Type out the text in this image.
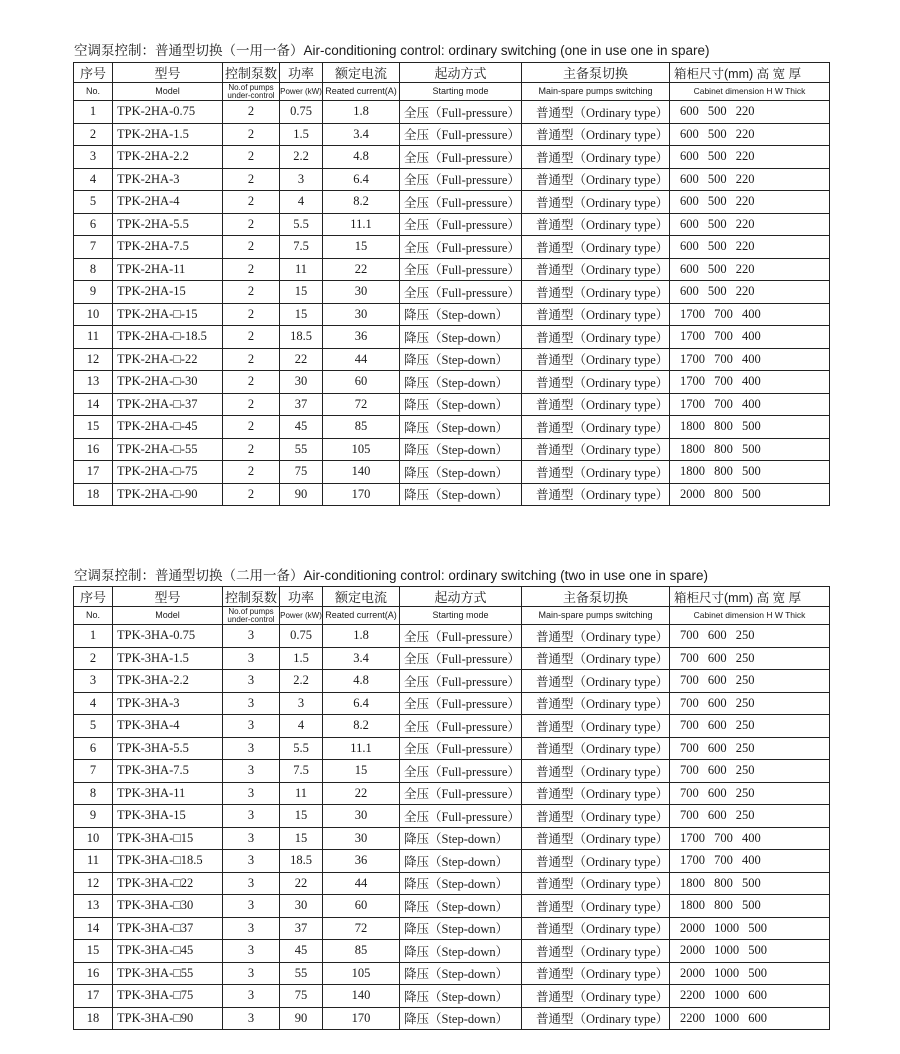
空调泵控制：普通型切换（一用一备）Air-conditioning control: ordinary switching (one in use one in spare)
序号	型号	控制泵数	功率	额定电流	起动方式	主备泵切换	箱柜尺寸(mm) 高 宽 厚
No.	Model	No.of pumps under-control	Power (kW)	Reated current(A)	Starting mode	Main-spare pumps switching	Cabinet dimension H W Thick
1	TPK-2HA-0.75	2	0.75	1.8	全压（Full-pressure）	普通型（Ordinary type）	600 500 220
2	TPK-2HA-1.5	2	1.5	3.4	全压（Full-pressure）	普通型（Ordinary type）	600 500 220
3	TPK-2HA-2.2	2	2.2	4.8	全压（Full-pressure）	普通型（Ordinary type）	600 500 220
4	TPK-2HA-3	2	3	6.4	全压（Full-pressure）	普通型（Ordinary type）	600 500 220
5	TPK-2HA-4	2	4	8.2	全压（Full-pressure）	普通型（Ordinary type）	600 500 220
6	TPK-2HA-5.5	2	5.5	11.1	全压（Full-pressure）	普通型（Ordinary type）	600 500 220
7	TPK-2HA-7.5	2	7.5	15	全压（Full-pressure）	普通型（Ordinary type）	600 500 220
8	TPK-2HA-11	2	11	22	全压（Full-pressure）	普通型（Ordinary type）	600 500 220
9	TPK-2HA-15	2	15	30	全压（Full-pressure）	普通型（Ordinary type）	600 500 220
10	TPK-2HA-□-15	2	15	30	降压（Step-down）	普通型（Ordinary type）	1700 700 400
11	TPK-2HA-□-18.5	2	18.5	36	降压（Step-down）	普通型（Ordinary type）	1700 700 400
12	TPK-2HA-□-22	2	22	44	降压（Step-down）	普通型（Ordinary type）	1700 700 400
13	TPK-2HA-□-30	2	30	60	降压（Step-down）	普通型（Ordinary type）	1700 700 400
14	TPK-2HA-□-37	2	37	72	降压（Step-down）	普通型（Ordinary type）	1700 700 400
15	TPK-2HA-□-45	2	45	85	降压（Step-down）	普通型（Ordinary type）	1800 800 500
16	TPK-2HA-□-55	2	55	105	降压（Step-down）	普通型（Ordinary type）	1800 800 500
17	TPK-2HA-□-75	2	75	140	降压（Step-down）	普通型（Ordinary type）	1800 800 500
18	TPK-2HA-□-90	2	90	170	降压（Step-down）	普通型（Ordinary type）	2000 800 500
空调泵控制：普通型切换（二用一备）Air-conditioning control: ordinary switching (two in use one in spare)
序号	型号	控制泵数	功率	额定电流	起动方式	主备泵切换	箱柜尺寸(mm) 高 宽 厚
No.	Model	No.of pumps under-control	Power (kW)	Reated current(A)	Starting mode	Main-spare pumps switching	Cabinet dimension H W Thick
1	TPK-3HA-0.75	3	0.75	1.8	全压（Full-pressure）	普通型（Ordinary type）	700 600 250
2	TPK-3HA-1.5	3	1.5	3.4	全压（Full-pressure）	普通型（Ordinary type）	700 600 250
3	TPK-3HA-2.2	3	2.2	4.8	全压（Full-pressure）	普通型（Ordinary type）	700 600 250
4	TPK-3HA-3	3	3	6.4	全压（Full-pressure）	普通型（Ordinary type）	700 600 250
5	TPK-3HA-4	3	4	8.2	全压（Full-pressure）	普通型（Ordinary type）	700 600 250
6	TPK-3HA-5.5	3	5.5	11.1	全压（Full-pressure）	普通型（Ordinary type）	700 600 250
7	TPK-3HA-7.5	3	7.5	15	全压（Full-pressure）	普通型（Ordinary type）	700 600 250
8	TPK-3HA-11	3	11	22	全压（Full-pressure）	普通型（Ordinary type）	700 600 250
9	TPK-3HA-15	3	15	30	全压（Full-pressure）	普通型（Ordinary type）	700 600 250
10	TPK-3HA-□15	3	15	30	降压（Step-down）	普通型（Ordinary type）	1700 700 400
11	TPK-3HA-□18.5	3	18.5	36	降压（Step-down）	普通型（Ordinary type）	1700 700 400
12	TPK-3HA-□22	3	22	44	降压（Step-down）	普通型（Ordinary type）	1800 800 500
13	TPK-3HA-□30	3	30	60	降压（Step-down）	普通型（Ordinary type）	1800 800 500
14	TPK-3HA-□37	3	37	72	降压（Step-down）	普通型（Ordinary type）	2000 1000 500
15	TPK-3HA-□45	3	45	85	降压（Step-down）	普通型（Ordinary type）	2000 1000 500
16	TPK-3HA-□55	3	55	105	降压（Step-down）	普通型（Ordinary type）	2000 1000 500
17	TPK-3HA-□75	3	75	140	降压（Step-down）	普通型（Ordinary type）	2200 1000 600
18	TPK-3HA-□90	3	90	170	降压（Step-down）	普通型（Ordinary type）	2200 1000 600
